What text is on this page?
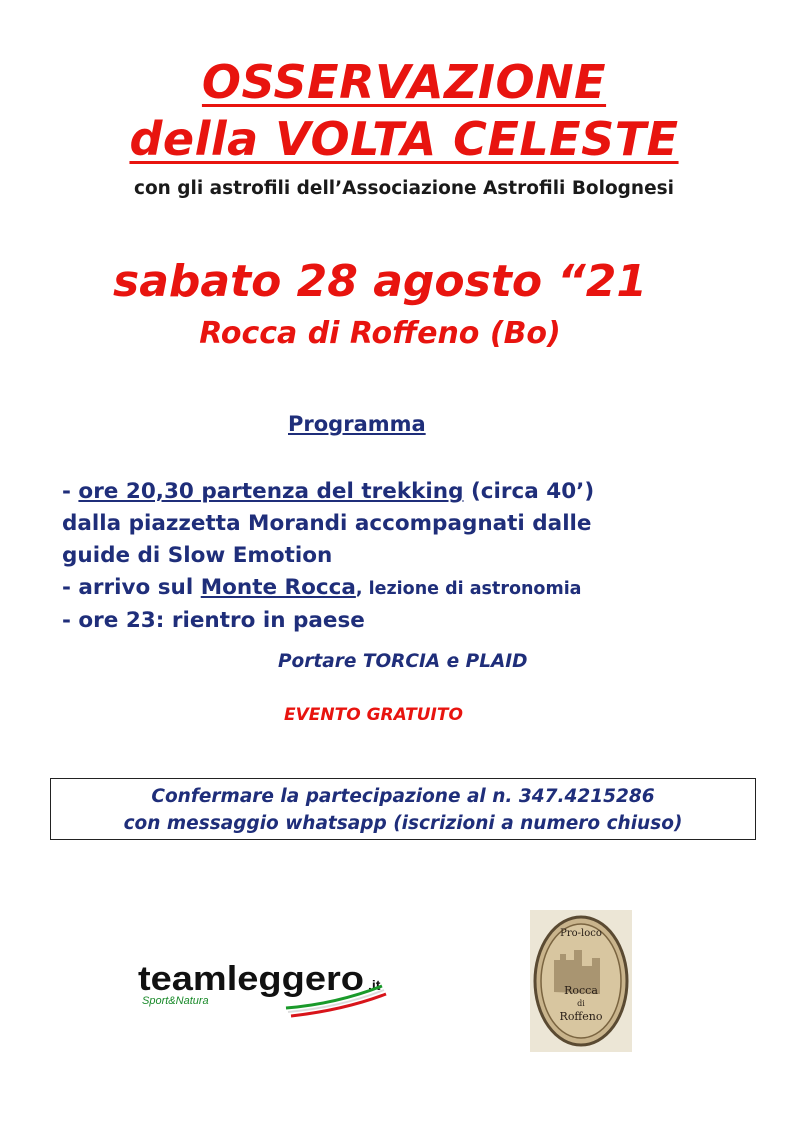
OSSERVAZIONE
della VOLTA CELESTE
con gli astrofili dell’Associazione Astrofili Bolognesi
sabato 28 agosto “21
Rocca di Roffeno (Bo)
Programma
- ore 20,30 partenza del trekking (circa 40’)
dalla piazzetta Morandi accompagnati dalle
guide di Slow Emotion
- arrivo sul Monte Rocca, lezione di astronomia
- ore 23: rientro in paese
Portare TORCIA e PLAID
EVENTO GRATUITO
Confermare la partecipazione al n. 347.4215286
con messaggio whatsapp (iscrizioni a numero chiuso)
teamleggero .it
Sport&Natura
Pro-loco
Rocca
di
Roffeno
